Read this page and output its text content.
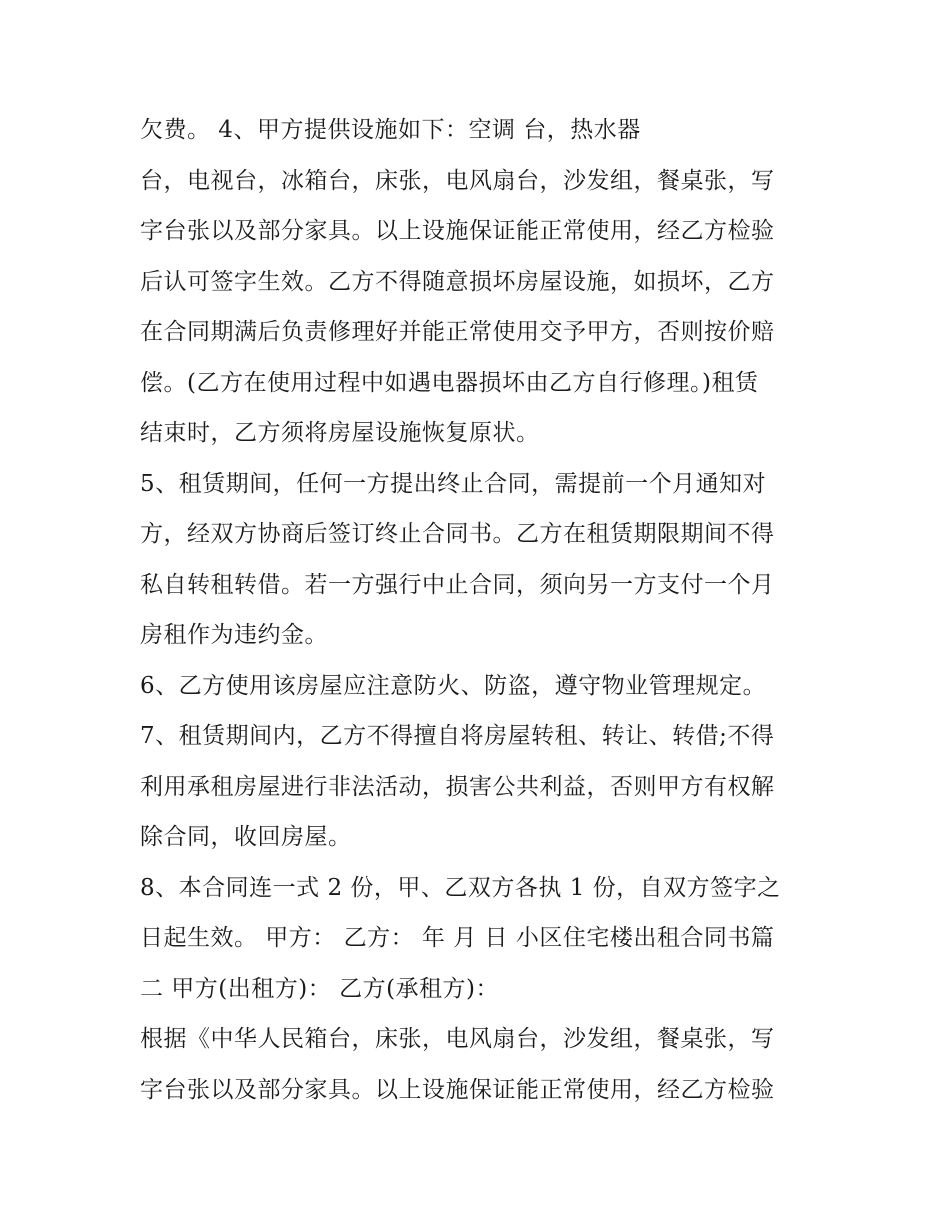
欠费。 4、甲方提供设施如下：空调 台，热水器
台，电视台，冰箱台，床张，电风扇台，沙发组，餐桌张，写
字台张以及部分家具。以上设施保证能正常使用，经乙方检验
后认可签字生效。乙方不得随意损坏房屋设施，如损坏，乙方
在合同期满后负责修理好并能正常使用交予甲方，否则按价赔
偿。(乙方在使用过程中如遇电器损坏由乙方自行修理。)租赁
结束时，乙方须将房屋设施恢复原状。
5、租赁期间，任何一方提出终止合同，需提前一个月通知对
方，经双方协商后签订终止合同书。乙方在租赁期限期间不得
私自转租转借。若一方强行中止合同，须向另一方支付一个月
房租作为违约金。
6、乙方使用该房屋应注意防火、防盗，遵守物业管理规定。
7、租赁期间内，乙方不得擅自将房屋转租、转让、转借;不得
利用承租房屋进行非法活动，损害公共利益，否则甲方有权解
除合同，收回房屋。
8、本合同连一式 2 份，甲、乙双方各执 1 份，自双方签字之
日起生效。 甲方： 乙方： 年 月 日 小区住宅楼出租合同书篇
二 甲方(出租方)： 乙方(承租方)：
根据《中华人民箱台，床张，电风扇台，沙发组，餐桌张，写
字台张以及部分家具。以上设施保证能正常使用，经乙方检验
